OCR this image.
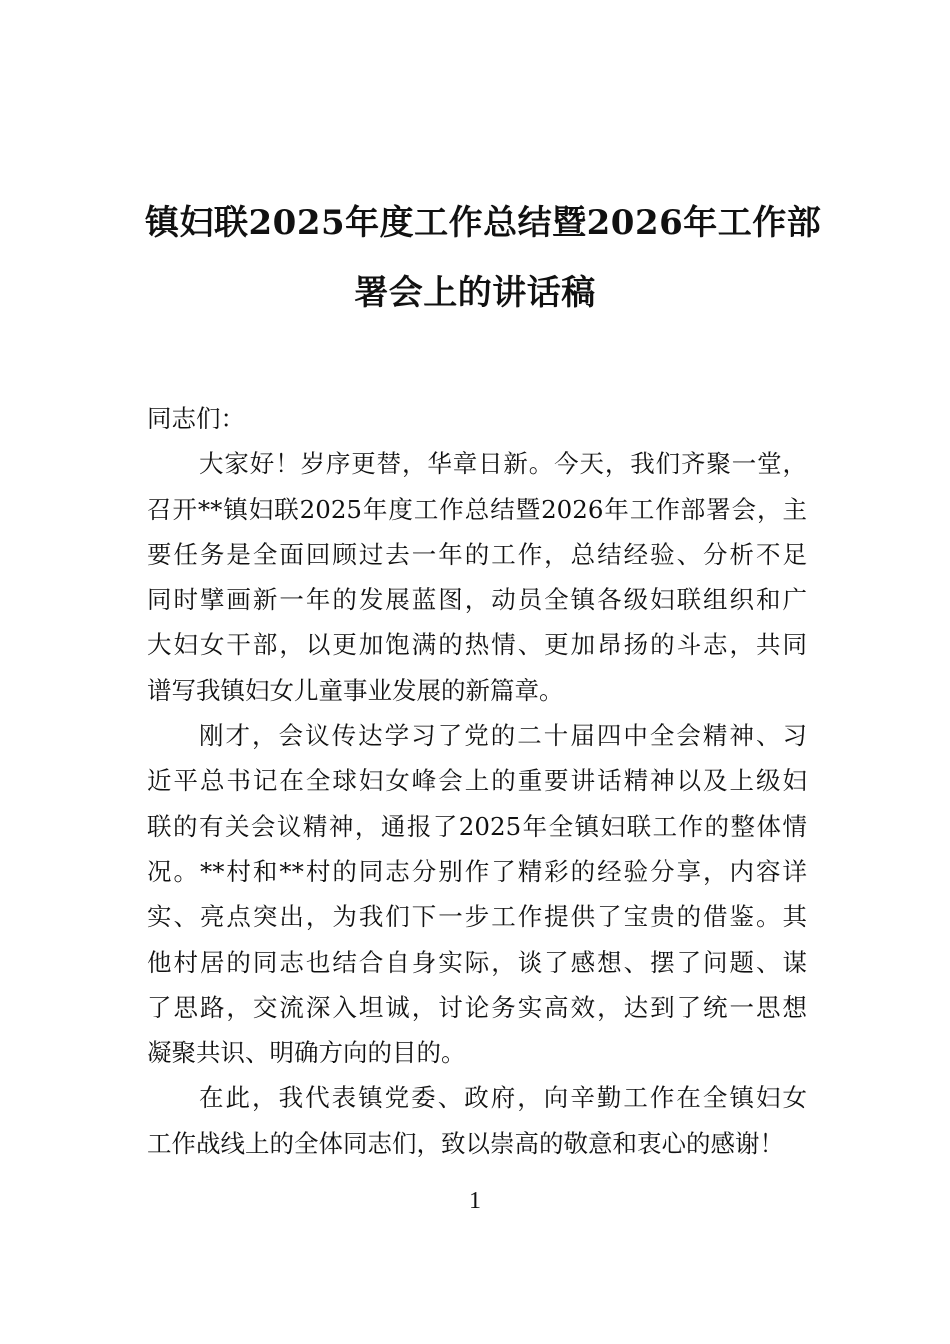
镇妇联2025年度工作总结暨2026年工作部
署会上的讲话稿
同志们：
大家好！岁序更替，华章日新。今天，我们齐聚一堂，
召开**镇妇联2025年度工作总结暨2026年工作部署会，主
要任务是全面回顾过去一年的工作，总结经验、分析不足
同时擘画新一年的发展蓝图，动员全镇各级妇联组织和广
大妇女干部，以更加饱满的热情、更加昂扬的斗志，共同
谱写我镇妇女儿童事业发展的新篇章。
刚才，会议传达学习了党的二十届四中全会精神、习
近平总书记在全球妇女峰会上的重要讲话精神以及上级妇
联的有关会议精神，通报了2025年全镇妇联工作的整体情
况。**村和**村的同志分别作了精彩的经验分享，内容详
实、亮点突出，为我们下一步工作提供了宝贵的借鉴。其
他村居的同志也结合自身实际，谈了感想、摆了问题、谋
了思路，交流深入坦诚，讨论务实高效，达到了统一思想
凝聚共识、明确方向的目的。
在此，我代表镇党委、政府，向辛勤工作在全镇妇女
工作战线上的全体同志们，致以崇高的敬意和衷心的感谢！
1
